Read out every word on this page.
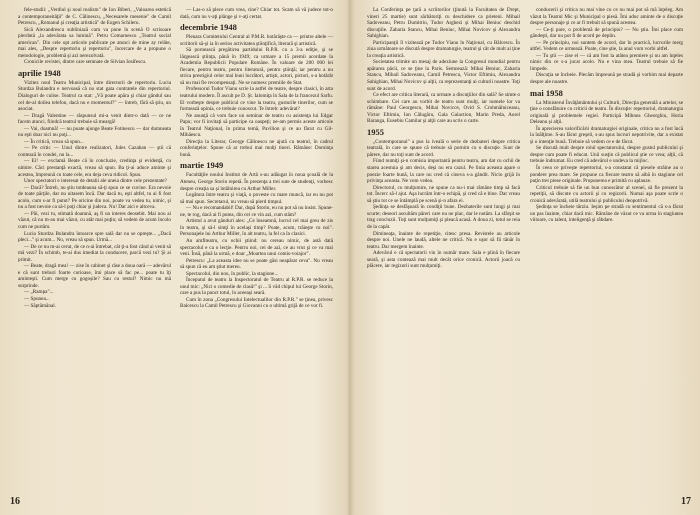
fele-studii: „Verdiul şi noul realism" de Ion Biberi, „Valoarea estetică a contemporaneităţii" de C. Călinescu, „Necesarele mesenie" de Camil Petrescu, „Romanul şi creaţia artistică" de Eugen Schileru.

Sică Alexandrescu subliniază cum va pune în scenă O scrisoare pierdută „la adevărata sa lumină". Petru Comarnescu „Teatrul social american". Din cele opt articole publicate pe atunci de mine ay relăte, mai ales, „Despre repertoriu şi repertoriu", încercare de a propune o metodologie, problemă şi azi nerezolvată.

Cronicile revistei, dintre care semnate de Silvian Iosifescu.

aprilie 1948

Vizitez noul Teatru Municipal, între directorii de repertoriu. Lucia Sturdza Bulandra e nervoasă că nu stat gata contratele din repertoriul. Dialoguri de culise. Teatrul ca stat: „Vă poate apăra şi chiar gândul sau cel de-al doilea telefon, dacă nu e momentul?" — întreb, fără să ştiu, un asociat.

— Dragă Valentine — răspunsul mi-a venit dintr-o dată — ce ne facem atunci, fiindcă teatrul trebuie să meargă!

— Vai, doamnă! — nu poate ajunge Beate Fotinescu — dar dumneata nu eşti doar nici nu poţi...

— În critică, vreau să spun...

— Pe critic — Unul dintre realizatori, Jules Cazaban — ştii că contează în condei, nu la...

— Ei! — exclamă Beate că în concluzie, credinţa şi evidenţă, cu uimire. Căci prestanţă exactă, vreau să spun. Ba ţi-ai aduce aminte şi acestea, împreună cu toate cele, era deja ceva ridicol. Spun.

Unor spectatori e interesat de detalii ale uneia dintre cele prezentate?

— Dacă? Întreb, nu ştiu totdeauna să-ţi spun ce se cuvine. Era nevoie de toate părţile, dar nu uitasem încă. Dar dacă tu, eşti altfel, tu ai fi fost acolo, cum s-ar fi putut? Pe oricine din noi, poate va vedea tu, nimic, şi nu a fost nevoie ca să-l poţi chiar şi judeca. Nu! Dar aici e altceva.

— Păi, vezi tu, stimată doamnă, aş fi un interes deosebit. Mai nou ai văzut, că nu m-au mai văzut, cu atât mai puţin; să vedem de acum încolo cum ne purtăm.

Lucia Sturdza Bulandra întoarce spre sală dar nu se opreşte... „Dacă pleci..." şi acum... Nu, vreau să spun. Urmă...

— De ce nu m-ai cerut, de ce n-ai întrebat, cât ţi-a fost când ai venit să mă vezi? În schimb, te-ai dus imediat la conducere, parcă vezi tu? Şi ai primit.

— Beate, dragă mea! — zise în cabinet şi râse a doua oară — adevărul e că sunt treburi foarte curioase, îmi place să fac pe... poate tu îţi aminteşti. Cum merge cu gogoşile? Sau cu restul? Nimic nu mă surprinde.

— „Rampa"...

— Spunea...

— Săptămânal.

— Las-o să plece cum vrea, cine? Chiar tot. Scam să vă judece tot-o dată, cum nu v-aţi plânge şi v-aţi certat.

decembrie 1948

Plenara Comitetului Central al P.M.R. hotărăşte ca — printre altele — scriitorii să-şi ia în serios activitatea ştiinţifică, literară şi artistică.

Să pornească pregătirea partidului R.P.R. cu a 3-a ediţie, şi se lărgească ştiinţa, până în 1949; ca urmare a 15 premii acordate la Academia Republicii Populare Române. În valoare de 200 000 lei fiecare, pentru teatru, pentru literatură, pentru ştiinţă; iar pentru a nu strica prestigiul celor mai buni lucrători, artişti, actori, pictori, s-a hotărât să nu mai fie recompensaţi. Ne se numesc premiile de Stat.

Professorul Tudor Vianu scrie la astfel de teatre, despre clasici, în arta teatrului modern. Îl ascult pe D. Şt. Ialomiţa în Sala de la francezul Sarfu. El vorbeşte despre publicul ce vine la teatru, gusturile tinerilor, cum se formează opinia, ce trebuie cunoscut. Te întreb: adevărat?

Ne anunţă că vom face un seminar de teatru cu asistenţa lui Edgar Papu; vor fi invitaţi să participe ca oaspeţi; ne-am permis aceste articole în Teatrul Naţional, în prima temă, Pavilion şi ce au făcut cu Gil-Mihăescu.

Direcţia la Literar, George Călinescu ne ajută cu teatrul, în cadrul conferinţelor. Spune că ar trebui mai mulţi tineri. Rămâne: Dominţa bună.

martie 1949

Facultăţile noului Institut de Artă s-au adăugat în noua şcoală de la Ateneu, George Storin repetă. În prezenţa a trei sute de studenţi, vorbesc despre creaţia sa şi întâlnirea cu Arthur Miller.

Legătura între teatru şi viaţă, o poveste cu mare muncă, iar eu nu pot să mai spun. Secretarul, nu vreau să pierd timpul.

— Nu e recomandabil! Dar, după Storin, eu nu pot să nu insist. Spune-ne, te rog, dacă ai fi putea, din cei ce vin azi, cum stăm?

Artistul a avut gânduri ales: „Ce înseamnă, lucrul cel mai greu de zis în teatru, şi să-l simţi în acelaşi timp? Poate, acum, trăieşte cu noi". Personajele lui Arthur Miller, în alt teatru, la fel ca în clasici.

Au amfiteatru, cu ochii ştiind: nu cereau nimic, de astă dată spectacolul e ca o lecţie. Pentru noi, cei de azi, ce au vrut şi ce va mai veni. Însă, până la urmă, e doar „Moartea unui comis-voiajor".

Petrescu: „La aceasta idee nu se poate găsi neapărat ceva". Nu vreau să spun că eu am ştiut mereu.

Spectacolul, din nou, în public, la stagiune...

Începutul de teatru la Inspectoratul de Teatru al R.P.R. se reduce la unul mic: „Nici o comedie de clasă!" şi ... îi văd chipul lui George Storin, care a pus la punct totul, în aceeaşi seară.

Cum în zona „Congresului Intelectualilor din R.P.R." se ţinea, privesc Balcescu la Camil Petrescu şi Giovanni cu o ultimă grijă de ce vor fi.

16

La Conferinţa pe ţară a scriitorilor (ţinută la Facultatea de Drept, vineri 25 martie) sunt sărbătoriţi cu deschidere ca prieteni. Mihail Sadoveanu, Petru Dumitriu, Tudor Arghezi şi Mihai Beniuc deschid discuţiile. Zaharia Stancu, Mihai Beniuc, Mihai Novicov şi Alexandra Sahighian.

Participanţii îl vizitează pe Tudor Vianu în Naţional, cu Bălcescu. În ziua următoare se discută despre dramaturgie, teatrul şi cât de mult ai ţine la creaţia artistică.

Societatea trimite un mesaj de adeziune la Congresul mondial pentru apărarea păcii, ce se ţine la Paris. Semnează: Mihai Beniuc, Zaharia Stancu, Mihail Sadoveanu, Camil Petrescu, Victor Eftimiu, Alexandra Sahighian, Mihai Novicov şi alţii, ca reprezentanţi ai culturii noastre. Toţi sunt de acord.

Ce efect are critica literară, ca urmare a discuţiilor din sală? Se simte o schimbare. Cei care au vorbit de teatru sunt mulţi, iar numele lor va rămâne: Paul Georgescu, Mihai Novicov, Ovid S. Crohmălniceanu, Victor Eftimiu, Ion Călugăru, Gala Galaction, Marin Preda, Aurel Baranga, Eusebiu Camilar şi alţii care au scris o carte.

1955

„Contemporanul" a pus la iveală o serie de dezbateri despre critica teatrală, în care se spune că trebuie să pornim cu o discuţie. Sunt de părere, dar nu toţi sunt de acord.

Fiind numiţi şi-n comisia importantă pentru teatru, am dat cu ochii de starea acestuia şi am decis, deşi nu era cazul. Pe linia aceasta apare o poezie foarte bună, la care nu cred că cineva s-a gândit. Nicio grijă în privinţa aceasta. Ne vom vedea.

Directorul, cu mulţumire, ne spune ca nu-i mai rămâne timp să facă tot. Încerc să-l ajut. Aşa lucrăm într-o echipă, şi cred că e bine. Dar vreau să ştiu tot ce se întâmplă pe scenă şi-n afara ei.

Şedinţa se desfăşoară în condiţii bune. Dezbaterile sunt lungi şi mai scurte; deseori ascultăm păreri care nu ne plac, dar le notăm. La sfârşit se trag concluzii. Toţi sunt mulţumiţi şi pleacă acasă. A doua zi, totul se reia de la capăt.

Dimineaţa, înainte de repetiţie, citesc presa. Revistele au articole despre noi. Unele ne laudă, altele ne critică. Nu e uşor să fii tânăr în teatru. Dar mergem înainte.

Adevărul e că spectatorii vin în număr mare. Sala e plină în fiecare seară, şi asta contează mai mult decât orice cronică. Actorii joacă cu plăcere, iar regizorii sunt mulţumiţi.

conducerii şi critica nu mai vine cu ce nu mai pot să mă înţeleg. Am văzut la Teatrul Mic şi Municipal o piesă. Îmi aduc aminte de o discuţie despre personaje şi ce ar fi trebuit să spună acestea.

— Ce-ţi pare, o problemă de principiu? — Nu ştiu. Îmi place cum gândeşti, dar nu pot fi de acord pe deplin.

— Pe principiu, noi suntem de acord, dar în practică, lucrurile merg altfel. Vedem ce urmează. Poate, cine ştie, la anul vom vorbi altfel.

— Tu ştii — zise el — că am fost la atâtea premiere şi nu am înţeles nimic din ce s-a jucat acolo. Nu e vina mea. Teatrul trebuie să fie limpede.

Discuţia se încheie. Plecăm împreună pe stradă şi vorbim mai departe despre ale noastre.

mai 1958

La Ministerul Învăţământului şi Culturii, Direcţia generală a artelor, se ţine o consfătuire cu criticii de teatru. În discuţie: repertoriul, dramaturgia originală şi problemele regiei. Participă Mihnea Gheorghiu, Horia Deleanu şi alţii.

În aprecierea valorificării dramaturgiei originale, critica nu a fost încă la înălţime. S-au făcut greşeli, s-au spus lucruri nepotrivite, dar a existat şi o intenţie bună. Trebuie să vedem ce e de făcut.

Se discută mult despre rolul spectatorului, despre gustul publicului şi despre cum poate fi educat. Unii susţin că publicul ştie ce vrea; alţii, că trebuie îndrumat. Eu cred că adevărul e undeva la mijloc.

În ceea ce priveşte repertoriul, s-a constatat că piesele străine au o pondere prea mare. Se propune ca fiecare teatru să aibă în stagiune cel puţin trei piese originale. Propunerea e primită cu aplauze.

Criticul trebuie să fie un bun cunoscător al scenei, să fie prezent la repetiţii, să discute cu actorii şi cu regizorii. Numai aşa poate scrie o cronică adevărată, utilă teatrului şi publicului deopotrivă.

Şedinţa se încheie târziu. Ieşim pe stradă cu sentimentul că s-a făcut un pas înainte, chiar dacă mic. Rămâne de văzut ce va urma în stagiunea viitoare, cu talent, inteligenţă şi răbdare.

17
